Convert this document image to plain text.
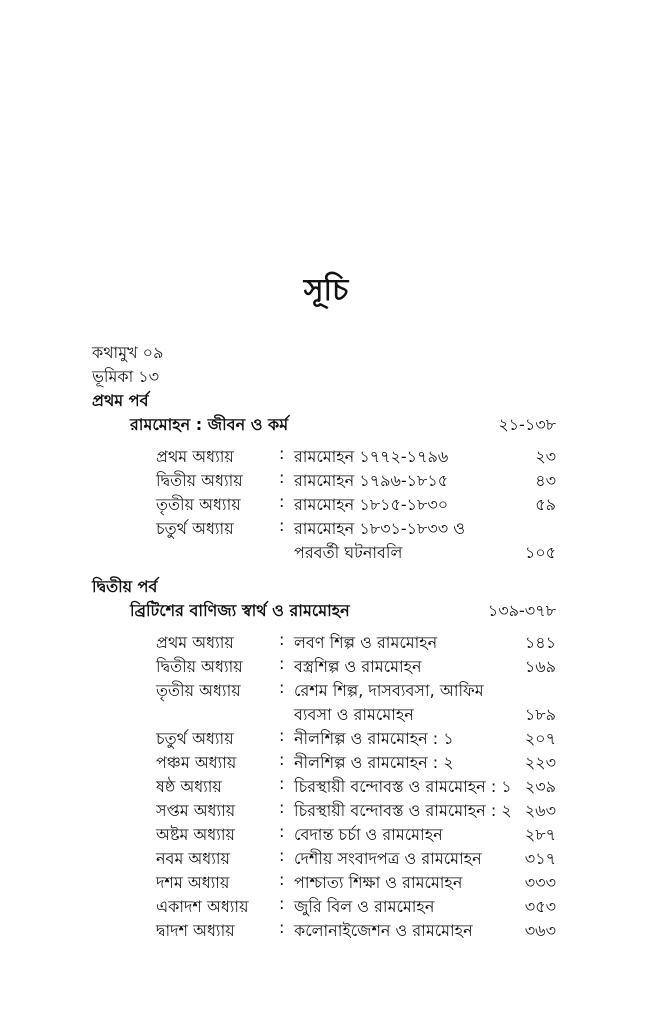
সূচি
কথামুখ ০৯
ভূমিকা ১৩
প্রথম পর্ব
রামমোহন : জীবন ও কর্ম	২১-১৩৮
প্রথম অধ্যায়	: রামমোহন ১৭৭২-১৭৯৬	২৩
দ্বিতীয় অধ্যায় : রামমোহন ১৭৯৬-১৮১৫	৪৩
তৃতীয় অধ্যায় : রামমোহন ১৮১৫-১৮৩০	৫৯
চতুর্থ অধ্যায়	: রামমোহন ১৮৩১-১৮৩৩ ও
পরবর্তী ঘটনাবলি	১০৫
দ্বিতীয় পর্ব
ব্রিটিশের বাণিজ্য স্বার্থ ও রামমোহন	১৩৯-৩৭৮
প্রথম অধ্যায়	: লবণ শিল্প ও রামমোহন	১৪১
দ্বিতীয় অধ্যায় : বস্ত্রশিল্প ও রামমোহন	১৬৯
তৃতীয় অধ্যায় : রেশম শিল্প, দাসব্যবসা, আফিম
ব্যবসা ও রামমোহন	১৮৯
চতুর্থ অধ্যায়	: নীলশিল্প ও রামমোহন : ১	২০৭
পঞ্চম অধ্যায়	: নীলশিল্প ও রামমোহন : ২	২২৩
ষষ্ঠ অধ্যায়	: চিরস্থায়ী বন্দোবস্ত ও রামমোহন : ১ ২৩৯
সপ্তম অধ্যায়	: চিরস্থায়ী বন্দোবস্ত ও রামমোহন : ২ ২৬৩
অষ্টম অধ্যায়	: বেদান্ত চর্চা ও রামমোহন	২৮৭
নবম অধ্যায়	: দেশীয় সংবাদপত্র ও রামমোহন	৩১৭
দশম অধ্যায়	: পাশ্চাত্য শিক্ষা ও রামমোহন	৩৩৩
একাদশ অধ্যায় : জুরি বিল ও রামমোহন	৩৫৩
দ্বাদশ অধ্যায়	: কলোনাইজেশন ও রামমোহন	৩৬৩
